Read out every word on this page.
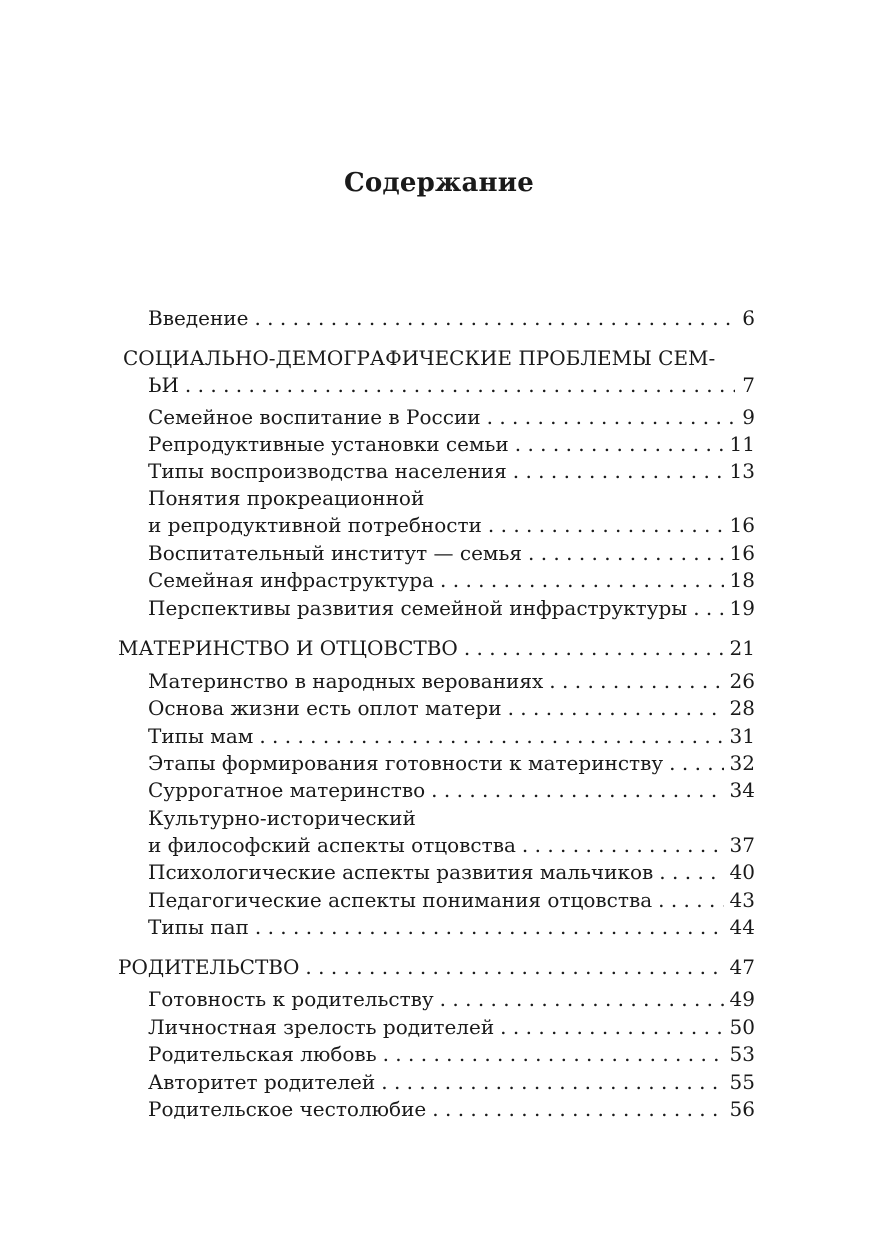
Содержание
Введение . . .	6
СОЦИАЛЬНО-ДЕМОГРАФИЧЕСКИЕ ПРОБЛЕМЫ СЕМ-
ЬИ . . .	7
Семейное воспитание в России . . .	9
Репродуктивные установки семьи . . .	11
Типы воспроизводства населения . . .	13
Понятия прокреационной
и репродуктивной потребности . . .	16
Воспитательный институт — семья . . .	16
Семейная инфраструктура . . .	18
Перспективы развития семейной инфраструктуры . . . 19
МАТЕРИНСТВО И ОТЦОВСТВО . . .	21
Материнство в народных верованиях . . .	26
Основа жизни есть оплот матери . . .	28
Типы мам . . .	31
Этапы формирования готовности к материнству . . .	32
Суррогатное материнство . . .	34
Культурно-исторический
и философский аспекты отцовства . . .	37
Психологические аспекты развития мальчиков . . .	40
Педагогические аспекты понимания отцовства . . .	43
Типы пап . . .	44
РОДИТЕЛЬСТВО . . .	47
Готовность к родительству . . .	49
Личностная зрелость родителей . . .	50
Родительская любовь . . .	53
Авторитет родителей . . .	55
Родительское честолюбие . . .	56
